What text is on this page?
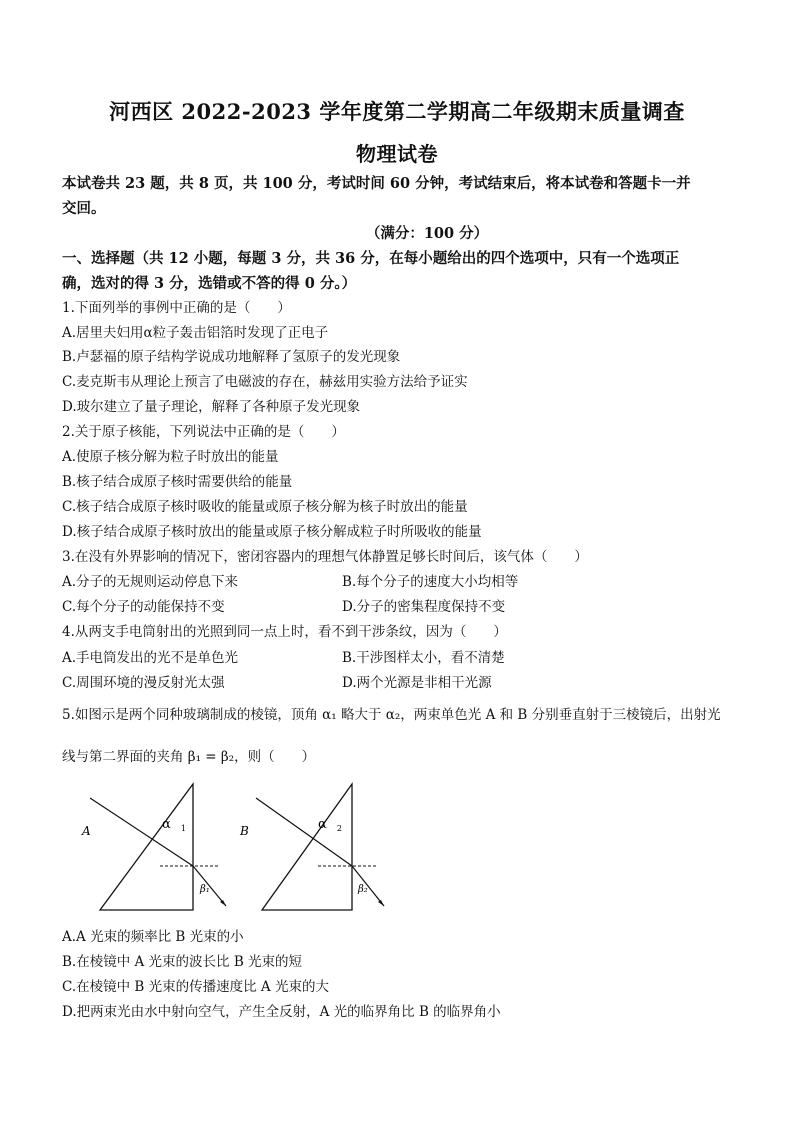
河西区 2022-2023 学年度第二学期高二年级期末质量调查
物理试卷
本试卷共 23 题，共 8 页，共 100 分，考试时间 60 分钟，考试结束后，将本试卷和答题卡一并
交回。
（满分：100 分）
一、选择题（共 12 小题，每题 3 分，共 36 分，在每小题给出的四个选项中，只有一个选项正
确，选对的得 3 分，选错或不答的得 0 分。）
1.下面列举的事例中正确的是（　　）
A.居里夫妇用α粒子轰击铝箔时发现了正电子
B.卢瑟福的原子结构学说成功地解释了氢原子的发光现象
C.麦克斯韦从理论上预言了电磁波的存在，赫兹用实验方法给予证实
D.玻尔建立了量子理论，解释了各种原子发光现象
2.关于原子核能，下列说法中正确的是（　　）
A.使原子核分解为粒子时放出的能量
B.核子结合成原子核时需要供给的能量
C.核子结合成原子核时吸收的能量或原子核分解为核子时放出的能量
D.核子结合成原子核时放出的能量或原子核分解成粒子时所吸收的能量
3.在没有外界影响的情况下，密闭容器内的理想气体静置足够长时间后，该气体（　　）
A.分子的无规则运动停息下来	B.每个分子的速度大小均相等
C.每个分子的动能保持不变	D.分子的密集程度保持不变
4.从两支手电筒射出的光照到同一点上时，看不到干涉条纹，因为（　　）
A.手电筒发出的光不是单色光	B.干涉图样太小，看不清楚
C.周围环境的漫反射光太强	D.两个光源是非相干光源
5.如图示是两个同种玻璃制成的棱镜，顶角 α₁ 略大于 α₂，两束单色光 A 和 B 分别垂直射于三棱镜后，出射光
线与第二界面的夹角 β₁ = β₂，则（　　）
A	α $_1$
β₁
B	α $_2$
β₂
A.A 光束的频率比 B 光束的小
B.在棱镜中 A 光束的波长比 B 光束的短
C.在棱镜中 B 光束的传播速度比 A 光束的大
D.把两束光由水中射向空气，产生全反射，A 光的临界角比 B 的临界角小
